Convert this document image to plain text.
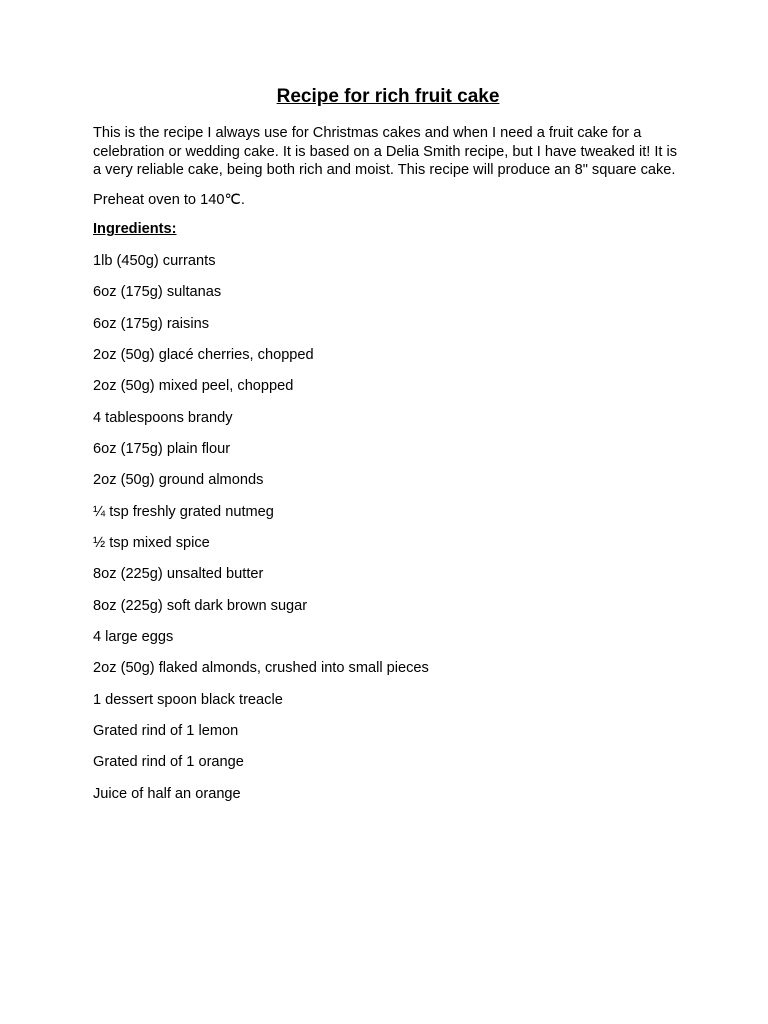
Recipe for rich fruit cake

This is the recipe I always use for Christmas cakes and when I need a fruit cake for a celebration or wedding cake. It is based on a Delia Smith recipe, but I have tweaked it! It is a very reliable cake, being both rich and moist. This recipe will produce an 8" square cake.

Preheat oven to 140℃.

Ingredients:

1lb (450g) currants
6oz (175g) sultanas
6oz (175g) raisins
2oz (50g) glacé cherries, chopped
2oz (50g) mixed peel, chopped
4 tablespoons brandy
6oz (175g) plain flour
2oz (50g) ground almonds
¼ tsp freshly grated nutmeg
½ tsp mixed spice
8oz (225g) unsalted butter
8oz (225g) soft dark brown sugar
4 large eggs
2oz (50g) flaked almonds, crushed into small pieces
1 dessert spoon black treacle
Grated rind of 1 lemon
Grated rind of 1 orange
Juice of half an orange
